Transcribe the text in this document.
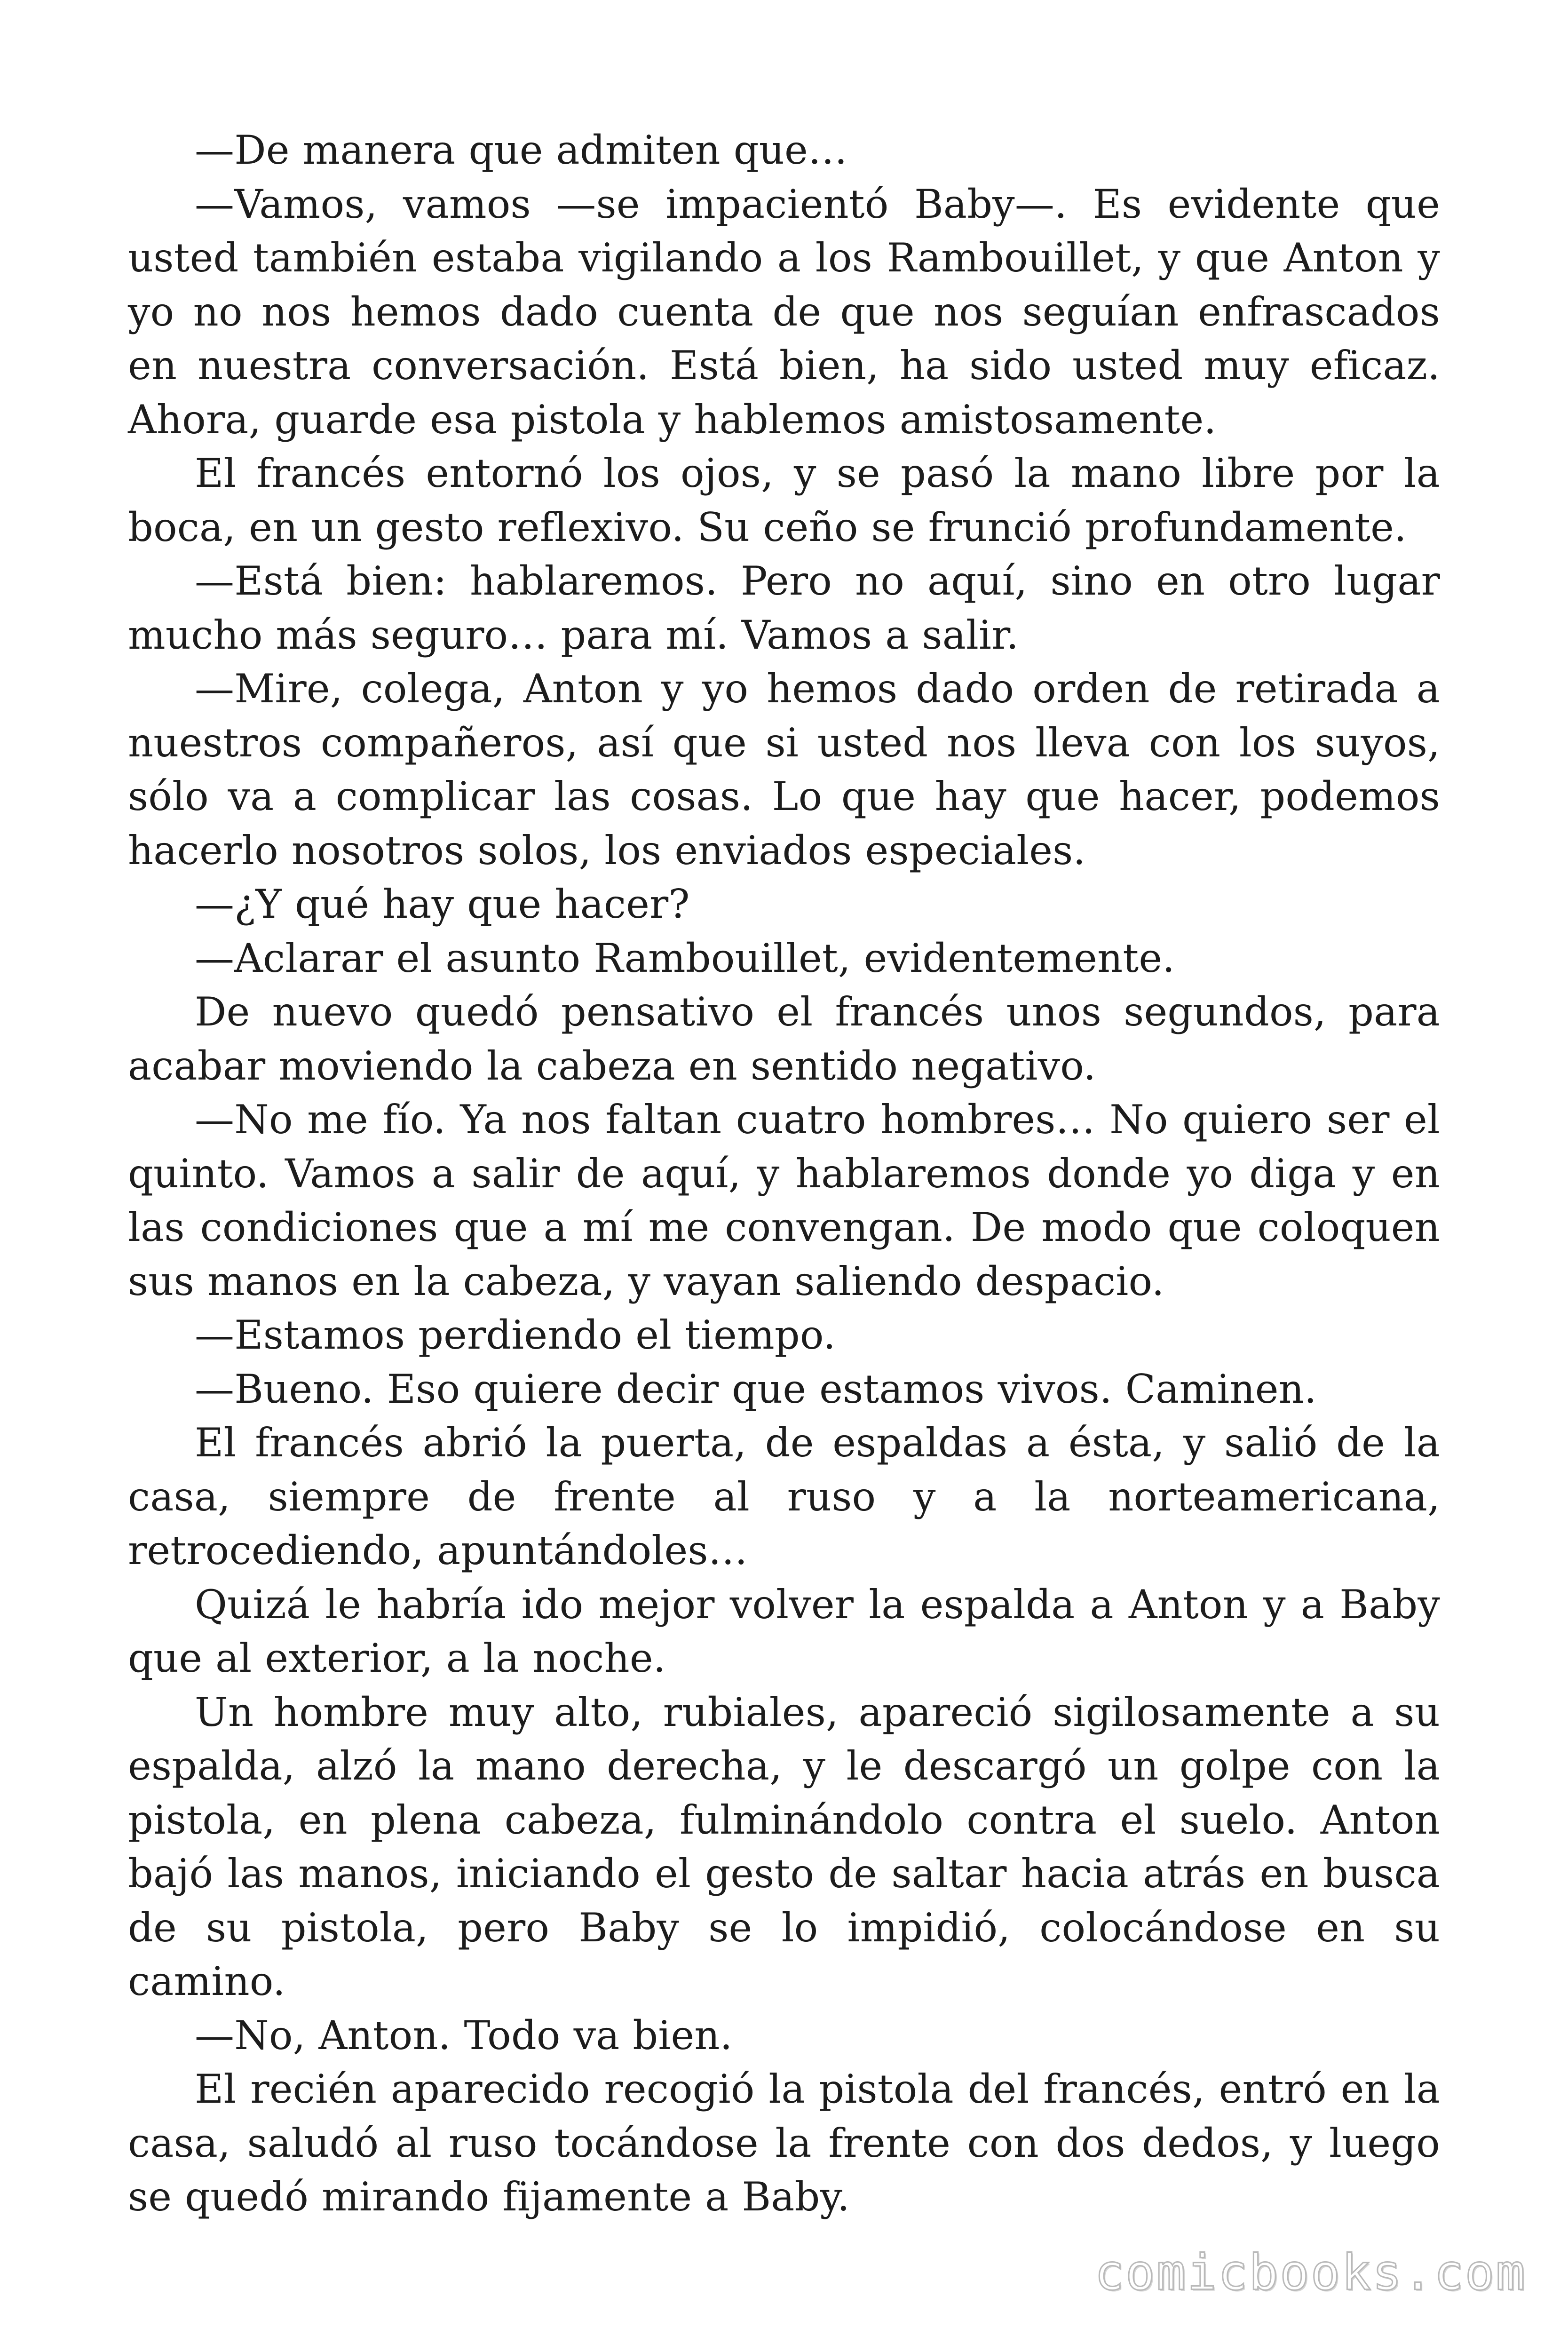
—De manera que admiten que…

—Vamos, vamos —se impacientó Baby—. Es evidente que usted también estaba vigilando a los Rambouillet, y que Anton y yo no nos hemos dado cuenta de que nos seguían enfrascados en nuestra conversación. Está bien, ha sido usted muy eficaz. Ahora, guarde esa pistola y hablemos amistosamente.

El francés entornó los ojos, y se pasó la mano libre por la boca, en un gesto reflexivo. Su ceño se frunció profundamente.

—Está bien: hablaremos. Pero no aquí, sino en otro lugar mucho más seguro… para mí. Vamos a salir.

—Mire, colega, Anton y yo hemos dado orden de retirada a nuestros compañeros, así que si usted nos lleva con los suyos, sólo va a complicar las cosas. Lo que hay que hacer, podemos hacerlo nosotros solos, los enviados especiales.

—¿Y qué hay que hacer?

—Aclarar el asunto Rambouillet, evidentemente.

De nuevo quedó pensativo el francés unos segundos, para acabar moviendo la cabeza en sentido negativo.

—No me fío. Ya nos faltan cuatro hombres… No quiero ser el quinto. Vamos a salir de aquí, y hablaremos donde yo diga y en las condiciones que a mí me convengan. De modo que coloquen sus manos en la cabeza, y vayan saliendo despacio.

—Estamos perdiendo el tiempo.

—Bueno. Eso quiere decir que estamos vivos. Caminen.

El francés abrió la puerta, de espaldas a ésta, y salió de la casa, siempre de frente al ruso y a la norteamericana, retrocediendo, apuntándoles…

Quizá le habría ido mejor volver la espalda a Anton y a Baby que al exterior, a la noche.

Un hombre muy alto, rubiales, apareció sigilosamente a su espalda, alzó la mano derecha, y le descargó un golpe con la pistola, en plena cabeza, fulminándolo contra el suelo. Anton bajó las manos, iniciando el gesto de saltar hacia atrás en busca de su pistola, pero Baby se lo impidió, colocándose en su camino.

—No, Anton. Todo va bien.

El recién aparecido recogió la pistola del francés, entró en la casa, saludó al ruso tocándose la frente con dos dedos, y luego se quedó mirando fijamente a Baby.

comicbooks.com
